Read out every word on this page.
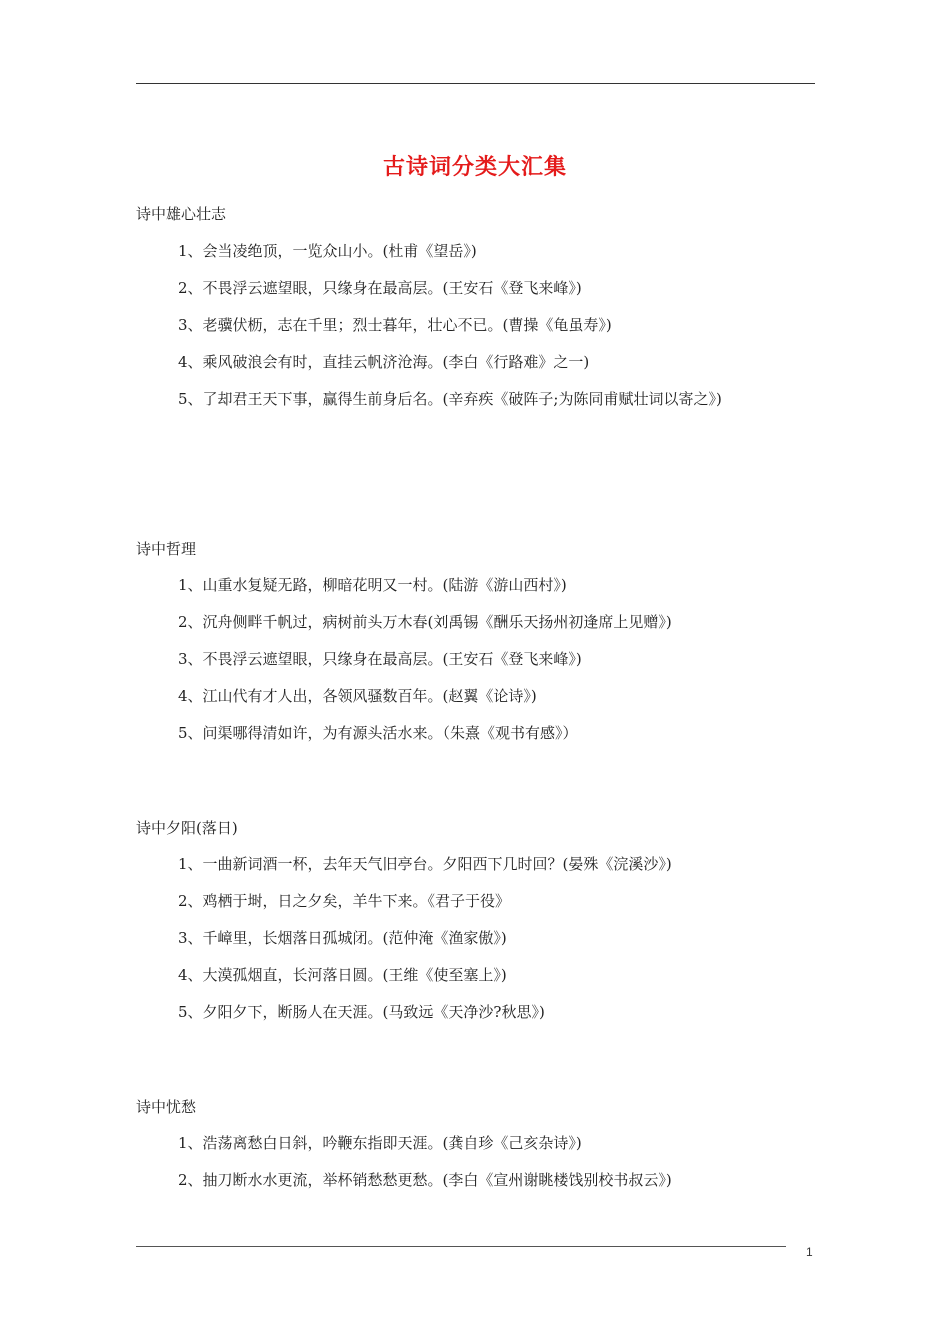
古诗词分类大汇集
诗中雄心壮志
1、会当凌绝顶，一览众山小。(杜甫《望岳》)
2、不畏浮云遮望眼，只缘身在最高层。(王安石《登飞来峰》)
3、老骥伏枥，志在千里；烈士暮年，壮心不已。(曹操《龟虽寿》)
4、乘风破浪会有时，直挂云帆济沧海。(李白《行路难》之一)
5、了却君王天下事，赢得生前身后名。(辛弃疾《破阵子;为陈同甫赋壮词以寄之》)
诗中哲理
1、山重水复疑无路，柳暗花明又一村。(陆游《游山西村》)
2、沉舟侧畔千帆过，病树前头万木春(刘禹锡《酬乐天扬州初逢席上见赠》)
3、不畏浮云遮望眼，只缘身在最高层。(王安石《登飞来峰》)
4、江山代有才人出，各领风骚数百年。(赵翼《论诗》)
5、问渠哪得清如许，为有源头活水来。（朱熹《观书有感》）
诗中夕阳(落日)
1、一曲新词酒一杯，去年天气旧亭台。夕阳西下几时回？(晏殊《浣溪沙》)
2、鸡栖于埘，日之夕矣，羊牛下来。《君子于役》
3、千嶂里，长烟落日孤城闭。(范仲淹《渔家傲》)
4、大漠孤烟直，长河落日圆。(王维《使至塞上》)
5、夕阳夕下，断肠人在天涯。(马致远《天净沙?秋思》)
诗中忧愁
1、浩荡离愁白日斜，吟鞭东指即天涯。(龚自珍《己亥杂诗》)
2、抽刀断水水更流，举杯销愁愁更愁。(李白《宣州谢眺楼饯别校书叔云》)
1
